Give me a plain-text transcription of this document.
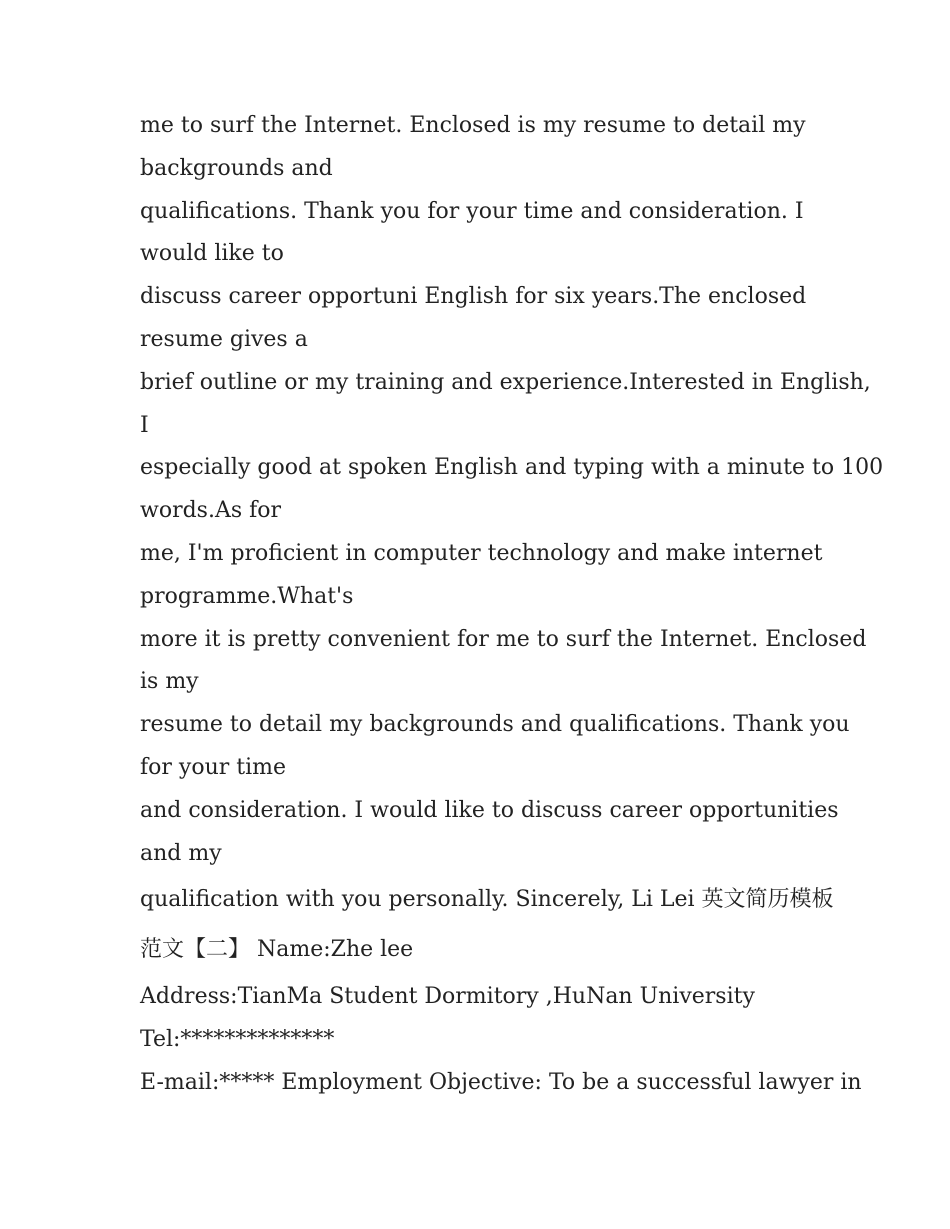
me to surf the Internet. Enclosed is my resume to detail my
backgrounds and
qualifications. Thank you for your time and consideration. I
would like to
discuss career opportuni English for six years.The enclosed
resume gives a
brief outline or my training and experience.Interested in English,
I
especially good at spoken English and typing with a minute to 100
words.As for
me, I'm proficient in computer technology and make internet
programme.What's
more it is pretty convenient for me to surf the Internet. Enclosed
is my
resume to detail my backgrounds and qualifications. Thank you
for your time
and consideration. I would like to discuss career opportunities
and my
qualification with you personally. Sincerely, Li Lei 英文简历模板
范文【二】 Name:Zhe lee
Address:TianMa Student Dormitory ,HuNan University
Tel:**************
E-mail:***** Employment Objective: To be a successful lawyer in
